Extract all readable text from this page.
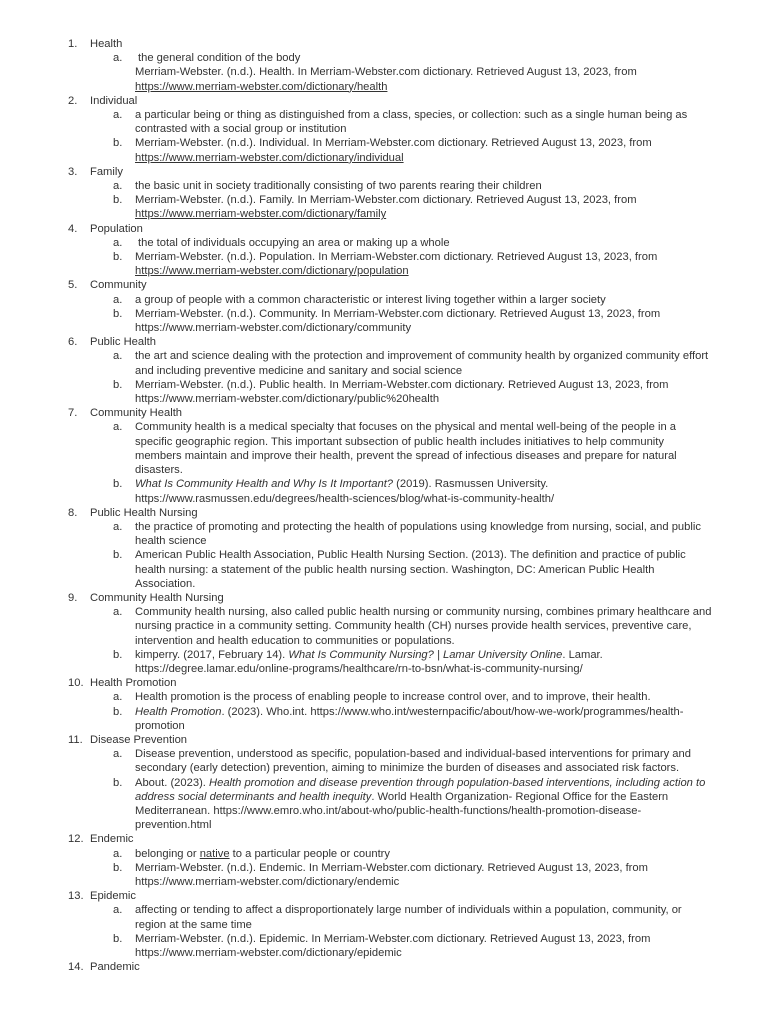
1. Health
a. the general condition of the body
Merriam-Webster. (n.d.). Health. In Merriam-Webster.com dictionary. Retrieved August 13, 2023, from https://www.merriam-webster.com/dictionary/health
2. Individual
a. a particular being or thing as distinguished from a class, species, or collection: such as a single human being as contrasted with a social group or institution
b. Merriam-Webster. (n.d.). Individual. In Merriam-Webster.com dictionary. Retrieved August 13, 2023, from https://www.merriam-webster.com/dictionary/individual
3. Family
a. the basic unit in society traditionally consisting of two parents rearing their children
b. Merriam-Webster. (n.d.). Family. In Merriam-Webster.com dictionary. Retrieved August 13, 2023, from https://www.merriam-webster.com/dictionary/family
4. Population
a. the total of individuals occupying an area or making up a whole
b. Merriam-Webster. (n.d.). Population. In Merriam-Webster.com dictionary. Retrieved August 13, 2023, from https://www.merriam-webster.com/dictionary/population
5. Community
a. a group of people with a common characteristic or interest living together within a larger society
b. Merriam-Webster. (n.d.). Community. In Merriam-Webster.com dictionary. Retrieved August 13, 2023, from https://www.merriam-webster.com/dictionary/community
6. Public Health
a. the art and science dealing with the protection and improvement of community health by organized community effort and including preventive medicine and sanitary and social science
b. Merriam-Webster. (n.d.). Public health. In Merriam-Webster.com dictionary. Retrieved August 13, 2023, from https://www.merriam-webster.com/dictionary/public%20health
7. Community Health
a. Community health is a medical specialty that focuses on the physical and mental well-being of the people in a specific geographic region. This important subsection of public health includes initiatives to help community members maintain and improve their health, prevent the spread of infectious diseases and prepare for natural disasters.
b. What Is Community Health and Why Is It Important? (2019). Rasmussen University. https://www.rasmussen.edu/degrees/health-sciences/blog/what-is-community-health/
8. Public Health Nursing
a. the practice of promoting and protecting the health of populations using knowledge from nursing, social, and public health science
b. American Public Health Association, Public Health Nursing Section. (2013). The definition and practice of public health nursing: a statement of the public health nursing section. Washington, DC: American Public Health Association.
9. Community Health Nursing
a. Community health nursing, also called public health nursing or community nursing, combines primary healthcare and nursing practice in a community setting. Community health (CH) nurses provide health services, preventive care, intervention and health education to communities or populations.
b. kimperry. (2017, February 14). What Is Community Nursing? | Lamar University Online. Lamar. https://degree.lamar.edu/online-programs/healthcare/rn-to-bsn/what-is-community-nursing/
10. Health Promotion
a. Health promotion is the process of enabling people to increase control over, and to improve, their health.
b. Health Promotion. (2023). Who.int. https://www.who.int/westernpacific/about/how-we-work/programmes/health-promotion
11. Disease Prevention
a. Disease prevention, understood as specific, population-based and individual-based interventions for primary and secondary (early detection) prevention, aiming to minimize the burden of diseases and associated risk factors.
b. About. (2023). Health promotion and disease prevention through population-based interventions, including action to address social determinants and health inequity. World Health Organization- Regional Office for the Eastern Mediterranean. https://www.emro.who.int/about-who/public-health-functions/health-promotion-disease-prevention.html
12. Endemic
a. belonging or native to a particular people or country
b. Merriam-Webster. (n.d.). Endemic. In Merriam-Webster.com dictionary. Retrieved August 13, 2023, from https://www.merriam-webster.com/dictionary/endemic
13. Epidemic
a. affecting or tending to affect a disproportionately large number of individuals within a population, community, or region at the same time
b. Merriam-Webster. (n.d.). Epidemic. In Merriam-Webster.com dictionary. Retrieved August 13, 2023, from https://www.merriam-webster.com/dictionary/epidemic
14. Pandemic
